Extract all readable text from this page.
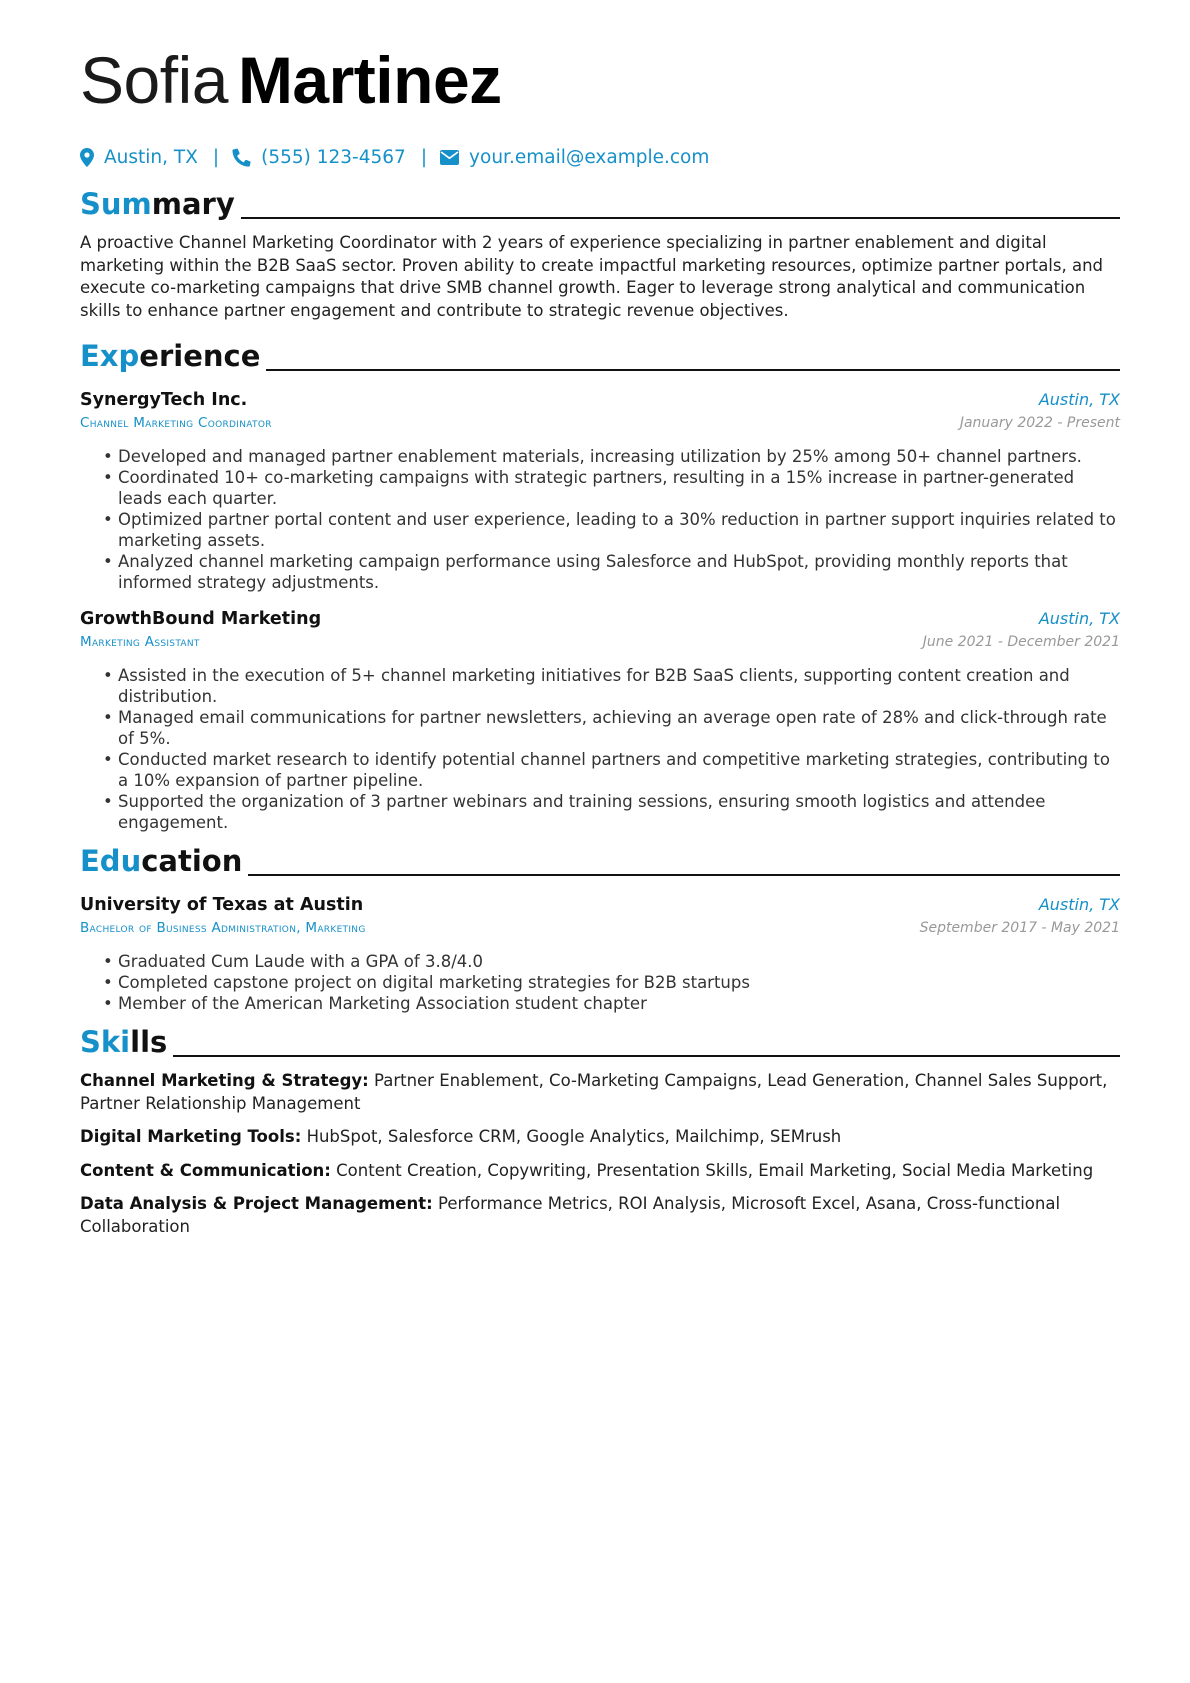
Sofia Martinez
Austin, TX | (555) 123-4567 | your.email@example.com
Summary
A proactive Channel Marketing Coordinator with 2 years of experience specializing in partner enablement and digital marketing within the B2B SaaS sector. Proven ability to create impactful marketing resources, optimize partner portals, and execute co-marketing campaigns that drive SMB channel growth. Eager to leverage strong analytical and communication skills to enhance partner engagement and contribute to strategic revenue objectives.
Experience
SynergyTech Inc.	Austin, TX
Channel Marketing Coordinator	January 2022 - Present
• Developed and managed partner enablement materials, increasing utilization by 25% among 50+ channel partners.
• Coordinated 10+ co-marketing campaigns with strategic partners, resulting in a 15% increase in partner-generated leads each quarter.
• Optimized partner portal content and user experience, leading to a 30% reduction in partner support inquiries related to marketing assets.
• Analyzed channel marketing campaign performance using Salesforce and HubSpot, providing monthly reports that informed strategy adjustments.
GrowthBound Marketing	Austin, TX
Marketing Assistant	June 2021 - December 2021
• Assisted in the execution of 5+ channel marketing initiatives for B2B SaaS clients, supporting content creation and distribution.
• Managed email communications for partner newsletters, achieving an average open rate of 28% and click-through rate of 5%.
• Conducted market research to identify potential channel partners and competitive marketing strategies, contributing to a 10% expansion of partner pipeline.
• Supported the organization of 3 partner webinars and training sessions, ensuring smooth logistics and attendee engagement.
Education
University of Texas at Austin	Austin, TX
Bachelor of Business Administration, Marketing	September 2017 - May 2021
• Graduated Cum Laude with a GPA of 3.8/4.0
• Completed capstone project on digital marketing strategies for B2B startups
• Member of the American Marketing Association student chapter
Skills
Channel Marketing & Strategy: Partner Enablement, Co-Marketing Campaigns, Lead Generation, Channel Sales Support, Partner Relationship Management
Digital Marketing Tools: HubSpot, Salesforce CRM, Google Analytics, Mailchimp, SEMrush
Content & Communication: Content Creation, Copywriting, Presentation Skills, Email Marketing, Social Media Marketing
Data Analysis & Project Management: Performance Metrics, ROI Analysis, Microsoft Excel, Asana, Cross-functional Collaboration
